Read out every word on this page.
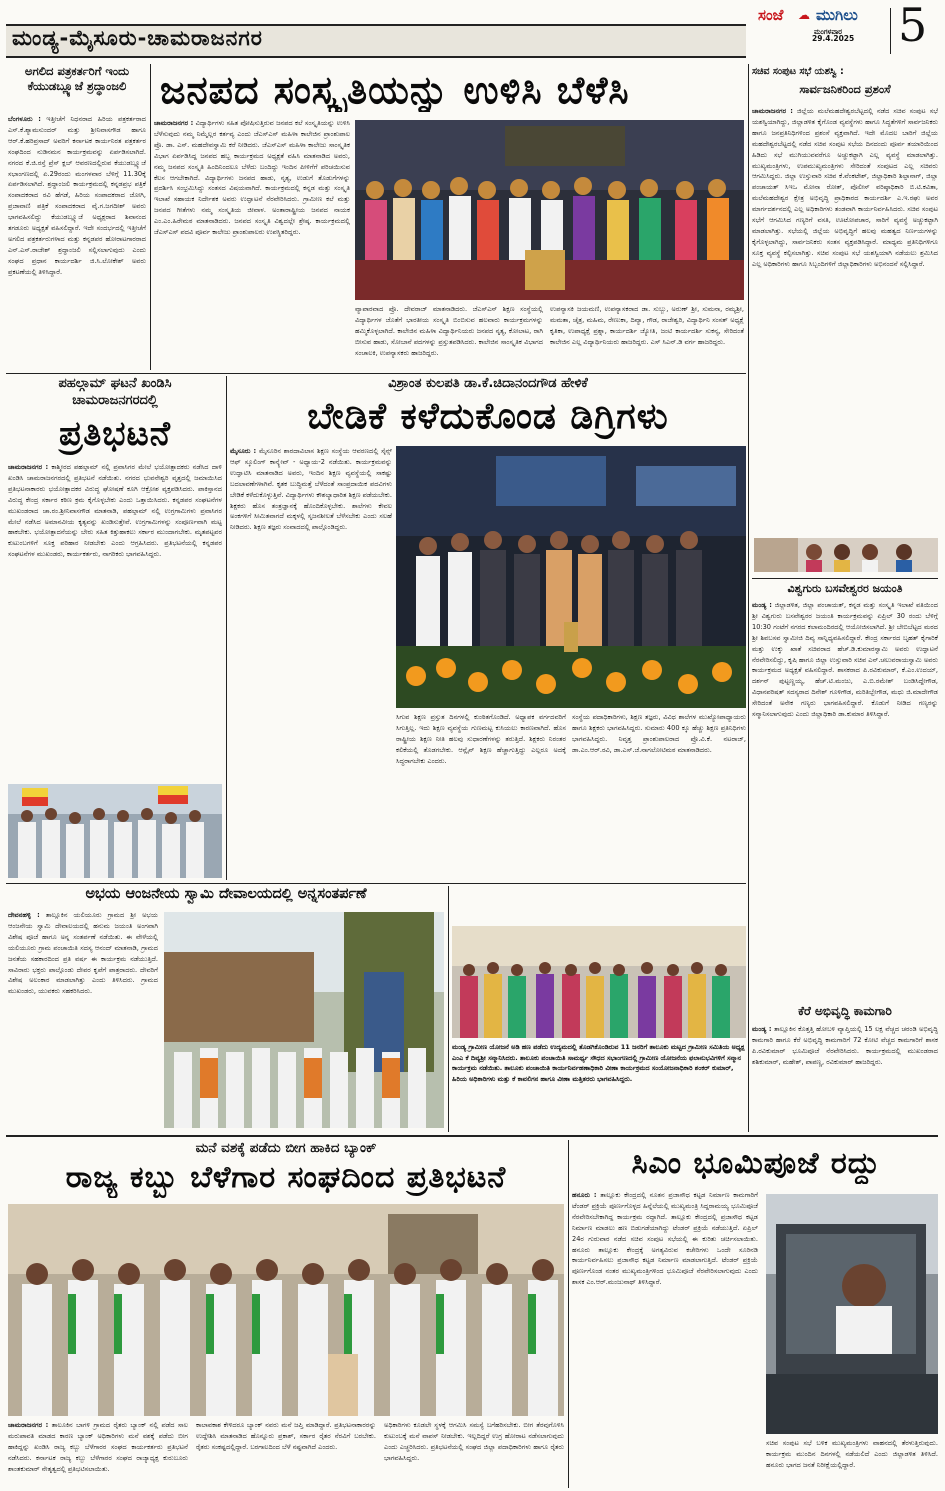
ಮಂಡ್ಯ-ಮೈಸೂರು-ಚಾಮರಾಜನಗರ
ಸಂಜೆ ☁ ಮುಗಿಲು
ಮಂಗಳವಾರ
29.4.2025 5
ಅಗಲಿದ ಪತ್ರಕರ್ತರಿಗೆ ಇಂದು ಕೆಯುಡಬ್ಲ್ಯೂಜೆ ಶ್ರದ್ಧಾಂಜಲಿ
ಬೆಂಗಳೂರು : ಇತ್ತೀಚೆಗೆ ನಿಧನರಾದ ಹಿರಿಯ ಪತ್ರಕರ್ತರಾದ ಎಸ್.ಕೆ.ಶ್ಯಾಮಸುಂದರ್ ಮತ್ತು ಶ್ರೀನಿವಾಸಗೌಡ ಹಾಗೂ ಆರ್.ಕೆ.ಹರಿಪ್ರಸಾದ್ ಅವರಿಗೆ ಕರ್ನಾಟಕ ಕಾರ್ಯನಿರತ ಪತ್ರಕರ್ತರ ಸಂಘದಿಂದ ನುಡಿನಮನ ಕಾರ್ಯಕ್ರಮವನ್ನು ಏರ್ಪಡಿಸಲಾಗಿದೆ. ನಗರದ ಕೆ.ಜಿ.ರಸ್ತೆ ಪ್ರೆಸ್ ಕ್ಲಬ್ ಆವರಣದಲ್ಲಿರುವ ಕೆಯುಡಬ್ಲ್ಯೂಜೆ ಸಭಾಂಗಣದಲ್ಲಿ ಏ.29ರಂದು ಮಂಗಳವಾರ ಬೆಳಿಗ್ಗೆ 11.30ಕ್ಕೆ ಏರ್ಪಡಿಸಲಾಗಿದೆ. ಶ್ರದ್ಧಾಂಜಲಿ ಕಾರ್ಯಕ್ರಮದಲ್ಲಿ ಕನ್ನಡಪ್ರಭ ಪತ್ರಿಕೆ ಸಂಪಾದಕರಾದ ರವಿ ಹೆಗಡೆ, ಹಿರಿಯ ಸಂಪಾದಕರಾದ ಜೋಗಿ, ಪ್ರಜಾವಾಣಿ ಪತ್ರಿಕೆ ಸಂಪಾದಕರಾದ ವೈ.ಗ.ಜಗದೀಶ್ ಅವರು ಭಾಗವಹಿಸಲಿದ್ದು ಕೆಯುಡಬ್ಲ್ಯೂಜೆ ಅಧ್ಯಕ್ಷರಾದ ಶಿವಾನಂದ ತಗಡೂರು ಅಧ್ಯಕ್ಷತೆ ವಹಿಸಲಿದ್ದಾರೆ. ಇದೇ ಸಂದರ್ಭದಲ್ಲಿ ಇತ್ತೀಚೆಗೆ ಅಗಲಿದ ಪತ್ರಕರ್ತರುಗಳಾದ ಮತ್ತು ಕನ್ನಡಪರ ಹೋರಾಟಗಾರರಾದ ಎನ್.ಎಸ್.ರಾಜೇಶ್ ಶ್ರದ್ಧಾಂಜಲಿ ಸಲ್ಲಿಸಲಾಗುವುದು ಎಂದು ಸಂಘದ ಪ್ರಧಾನ ಕಾರ್ಯದರ್ಶಿ ಜಿ.ಸಿ.ಲೋಕೇಶ್ ಅವರು ಪ್ರಕಟಣೆಯಲ್ಲಿ ತಿಳಿಸಿದ್ದಾರೆ.
ಜನಪದ ಸಂಸ್ಕೃತಿಯನ್ನು ಉಳಿಸಿ ಬೆಳೆಸಿ
ಚಾಮರಾಜನಗರ : ವಿದ್ಯಾರ್ಥಿಗಳು ಸಹಿತ ಪೋಷಿಸುತ್ತಿರುವ ಜನಪದ ಕಲೆ ಸಂಸ್ಕೃತಿಯನ್ನು ಉಳಿಸಿ ಬೆಳೆಸುವುದು ನಮ್ಮ ನಿಮ್ಮೆಲ್ಲರ ಕರ್ತವ್ಯ ಎಂದು ಜೆಎಸ್ಎಸ್ ಮಹಿಳಾ ಕಾಲೇಜಿನ ಪ್ರಾಂಶುಪಾಲ ಪ್ರೊ. ಡಾ. ಎಸ್. ಮಹದೇವಸ್ವಾಮಿ ಕರೆ ನೀಡಿದರು. ಜೆಎಸ್ಎಸ್ ಮಹಿಳಾ ಕಾಲೇಜು ಸಾಂಸ್ಕೃತಿಕ ವಿಭಾಗ ಏರ್ಪಡಿಸಿದ್ದ ಜನಪದ ಹಬ್ಬ ಕಾರ್ಯಕ್ರಮದ ಅಧ್ಯಕ್ಷತೆ ವಹಿಸಿ ಮಾತನಾಡಿದ ಅವರು, ನಮ್ಮ ಜನಪದ ಸಂಸ್ಕೃತಿ ಹಿಂದಿನಿಂದಲೂ ಬೆಳೆದು ಬಂದಿದ್ದು ಇಂದಿನ ಪೀಳಿಗೆಗೆ ಪರಿಚಯಿಸುವ ಕೆಲಸ ಆಗಬೇಕಾಗಿದೆ. ವಿದ್ಯಾರ್ಥಿಗಳು ಜನಪದ ಹಾಡು, ನೃತ್ಯ, ಉಡುಗೆ ತೊಡುಗೆಗಳನ್ನು ಪ್ರದರ್ಶಿಸಿ ಸಂಭ್ರಮಿಸಿದ್ದು ಸಂತಸದ ವಿಷಯವಾಗಿದೆ. ಕಾರ್ಯಕ್ರಮದಲ್ಲಿ ಕನ್ನಡ ಮತ್ತು ಸಂಸ್ಕೃತಿ ಇಲಾಖೆ ಸಹಾಯಕ ನಿರ್ದೇಶಕ ಅವರು ಉದ್ಘಾಟನೆ ನೆರವೇರಿಸಿದರು. ಗ್ರಾಮೀಣ ಕಲೆ ಮತ್ತು ಜನಪದ ಗೀತೆಗಳು ನಮ್ಮ ಸಂಸ್ಕೃತಿಯ ಜೀವಾಳ. ಅಂತಾರಾಷ್ಟ್ರೀಯ ಜನಪದ ನಾಯಕ ಎಂ.ಎಂ.ಹಿರೇಮಠ ಮಾತನಾಡಿದರು. ಜನಪದ ಸಂಸ್ಕೃತಿ ವಿಶ್ವದಲ್ಲೇ ಶ್ರೇಷ್ಠ. ಕಾರ್ಯಕ್ರಮದಲ್ಲಿ ಜೆಎಸ್ಎಸ್ ಪದವಿ ಪೂರ್ವ ಕಾಲೇಜು ಪ್ರಾಂಶುಪಾಲರು ಉಪಸ್ಥಿತರಿದ್ದರು.
ವ್ಯಾಪಾರವಾದ ಪ್ರೊ. ದೇವರಾಜ್ ಮಾತನಾಡಿದರು. ಜೆಎಸ್ಎಸ್ ಶಿಕ್ಷಣ ಸಂಸ್ಥೆಯಲ್ಲಿ ವಿದ್ಯಾರ್ಥಿಗಳ ಜೊತೆಗೆ ಭಾರತೀಯ ಸಂಸ್ಕೃತಿ ಬಿಂಬಿಸುವ ಹಲವಾರು ಕಾರ್ಯಕ್ರಮಗಳನ್ನು ಹಮ್ಮಿಕೊಳ್ಳಲಾಗಿದೆ. ಕಾಲೇಜಿನ ಮಹಿಳಾ ವಿದ್ಯಾರ್ಥಿನಿಯರು ಜನಪದ ನೃತ್ಯ, ಕೋಲಾಟ, ರಾಗಿ ಬೀಸುವ ಹಾಡು, ಸೋಬಾನೆ ಪದಗಳನ್ನು ಪ್ರಸ್ತುತಪಡಿಸಿದರು. ಕಾಲೇಜಿನ ಸಾಂಸ್ಕೃತಿಕ ವಿಭಾಗದ ಸಂಚಾಲಕಿ, ಉಪನ್ಯಾಸಕರು ಹಾಜರಿದ್ದರು.
ಉಪನ್ಯಾಸಕಿ ಜಯಮಣಿ, ಉಪನ್ಯಾಸಕರಾದ ಡಾ. ಸುಬ್ಬು, ಅರುಣ್ ಶ್ರೀ, ಸುಮನಾ, ರಮ್ಯಶ್ರೀ, ಮಮತಾ, ಚೈತ್ರ, ಮಹಿಮ, ರೇಣುಕಾ, ದಿವ್ಯಾ, ಗೌಡ, ರಾಜೇಶ್ವರಿ, ವಿದ್ಯಾರ್ಥಿನಿ ಸಂಸತ್ ಅಧ್ಯಕ್ಷೆ ಕೃತಿಕಾ, ಉಪಾಧ್ಯಕ್ಷೆ ಪ್ರಶ್ನಾ, ಕಾರ್ಯದರ್ಶಿ ಜ್ಯೋತಿ, ಜಂಟಿ ಕಾರ್ಯದರ್ಶಿ ಸುಕನ್ಯ, ಸೇರಿದಂತೆ ಕಾಲೇಜಿನ ಎಲ್ಲ ವಿದ್ಯಾರ್ಥಿನಿಯರು ಹಾಜರಿದ್ದರು. ಎಸ್ ಸಿಎನ್.ಡಿ ವರ್ಗ ಹಾಜರಿದ್ದರು.
ಸಚಿವ ಸಂಪುಟ ಸಭೆ ಯಶಸ್ವಿ :
ಸಾರ್ವಜನಿಕರಿಂದ ಪ್ರಶಂಸೆ
ಚಾಮರಾಜನಗರ : ಜಿಲ್ಲೆಯ ಮಲೆಮಹದೇಶ್ವರಬೆಟ್ಟದಲ್ಲಿ ನಡೆದ ಸಚಿವ ಸಂಪುಟ ಸಭೆ ಯಶಸ್ವಿಯಾಗಿದ್ದು, ಜಿಲ್ಲಾಡಳಿತ ಕೈಗೊಂಡ ವ್ಯವಸ್ಥೆಗಳು ಹಾಗೂ ಸಿದ್ಧತೆಗಳಿಗೆ ಸಾರ್ವಜನಿಕರು ಹಾಗೂ ಜನಪ್ರತಿನಿಧಿಗಳಿಂದ ಪ್ರಶಂಸೆ ವ್ಯಕ್ತವಾಗಿದೆ. ಇದೇ ಮೊದಲ ಬಾರಿಗೆ ಜಿಲ್ಲೆಯ ಮಹದೇಶ್ವರಬೆಟ್ಟದಲ್ಲಿ ನಡೆದ ಸಚಿವ ಸಂಪುಟ ಸಭೆಯ ದಿನದಂದು ಪೂರ್ವ ತಯಾರಿಯಿಂದ ಹಿಡಿದು ಸಭೆ ಮುಗಿಯುವವರೆಗೂ ಅಚ್ಚುಕಟ್ಟಾಗಿ ಎಲ್ಲ ವ್ಯವಸ್ಥೆ ಮಾಡಲಾಗಿತ್ತು. ಮುಖ್ಯಮಂತ್ರಿಗಳು, ಉಪಮುಖ್ಯಮಂತ್ರಿಗಳು ಸೇರಿದಂತೆ ಸಂಪುಟದ ಎಲ್ಲ ಸಚಿವರು ಆಗಮಿಸಿದ್ದರು. ಜಿಲ್ಲಾ ಉಸ್ತುವಾರಿ ಸಚಿವ ಕೆ.ವೆಂಕಟೇಶ್, ಜಿಲ್ಲಾಧಿಕಾರಿ ಶಿಲ್ಪಾನಾಗ್, ಜಿಲ್ಲಾ ಪಂಚಾಯತ್ ಸಿಇಒ ಮೋನಾ ರೋತ್, ಪೊಲೀಸ್ ವರಿಷ್ಠಾಧಿಕಾರಿ ಬಿ.ಟಿ.ಕವಿತಾ, ಮಲೆಮಹದೇಶ್ವರ ಕ್ಷೇತ್ರ ಅಭಿವೃದ್ಧಿ ಪ್ರಾಧಿಕಾರದ ಕಾರ್ಯದರ್ಶಿ ಎ.ಇ.ರಘು ಅವರ ಮಾರ್ಗದರ್ಶನದಲ್ಲಿ ಎಲ್ಲ ಅಧಿಕಾರಿಗಳು ತಂಡವಾಗಿ ಕಾರ್ಯನಿರ್ವಹಿಸಿದರು. ಸಚಿವ ಸಂಪುಟ ಸಭೆಗೆ ಆಗಮಿಸಿದ ಗಣ್ಯರಿಗೆ ವಸತಿ, ಊಟೋಪಚಾರ, ಸಾರಿಗೆ ವ್ಯವಸ್ಥೆ ಅಚ್ಚುಕಟ್ಟಾಗಿ ಮಾಡಲಾಗಿತ್ತು. ಸಭೆಯಲ್ಲಿ ಜಿಲ್ಲೆಯ ಅಭಿವೃದ್ಧಿಗೆ ಹಲವು ಮಹತ್ವದ ನಿರ್ಣಯಗಳನ್ನು ಕೈಗೊಳ್ಳಲಾಗಿದ್ದು, ಸಾರ್ವಜನಿಕರು ಸಂತಸ ವ್ಯಕ್ತಪಡಿಸಿದ್ದಾರೆ. ಮಾಧ್ಯಮ ಪ್ರತಿನಿಧಿಗಳಿಗೂ ಸೂಕ್ತ ವ್ಯವಸ್ಥೆ ಕಲ್ಪಿಸಲಾಗಿತ್ತು. ಸಚಿವ ಸಂಪುಟ ಸಭೆ ಯಶಸ್ವಿಯಾಗಿ ನಡೆಯಲು ಶ್ರಮಿಸಿದ ಎಲ್ಲ ಅಧಿಕಾರಿಗಳು ಹಾಗೂ ಸಿಬ್ಬಂದಿಗಳಿಗೆ ಜಿಲ್ಲಾಧಿಕಾರಿಗಳು ಅಭಿನಂದನೆ ಸಲ್ಲಿಸಿದ್ದಾರೆ.
ಪಹಲ್ಗಾಮ್ ಘಟನೆ ಖಂಡಿಸಿ
ಚಾಮರಾಜನಗರದಲ್ಲಿ
ಪ್ರತಿಭಟನೆ
ಚಾಮರಾಜನಗರ : ಕಾಶ್ಮೀರದ ಪಹಲ್ಗಾಮ್ ನಲ್ಲಿ ಪ್ರವಾಸಿಗರ ಮೇಲೆ ಭಯೋತ್ಪಾದಕರು ನಡೆಸಿದ ದಾಳಿ ಖಂಡಿಸಿ ಚಾಮರಾಜನಗರದಲ್ಲಿ ಪ್ರತಿಭಟನೆ ನಡೆಯಿತು. ನಗರದ ಭುವನೇಶ್ವರಿ ವೃತ್ತದಲ್ಲಿ ಜಮಾಯಿಸಿದ ಪ್ರತಿಭಟನಾಕಾರರು ಭಯೋತ್ಪಾದಕರ ವಿರುದ್ಧ ಘೋಷಣೆ ಕೂಗಿ ಆಕ್ರೋಶ ವ್ಯಕ್ತಪಡಿಸಿದರು. ಪಾಕಿಸ್ತಾನದ ವಿರುದ್ಧ ಕೇಂದ್ರ ಸರ್ಕಾರ ಕಠಿಣ ಕ್ರಮ ಕೈಗೊಳ್ಳಬೇಕು ಎಂದು ಒತ್ತಾಯಿಸಿದರು. ಕನ್ನಡಪರ ಸಂಘಟನೆಗಳ ಮುಖಂಡರಾದ ಚಾ.ರಂ.ಶ್ರೀನಿವಾಸಗೌಡ ಮಾತನಾಡಿ, ಪಹಲ್ಗಾಮ್ ನಲ್ಲಿ ಉಗ್ರಗಾಮಿಗಳು ಪ್ರವಾಸಿಗರ ಮೇಲೆ ನಡೆಸಿದ ಅಮಾನವೀಯ ಕೃತ್ಯವನ್ನು ಖಂಡಿಸುತ್ತೇವೆ. ಉಗ್ರಗಾಮಿಗಳನ್ನು ಸಂಪೂರ್ಣವಾಗಿ ಮಟ್ಟ ಹಾಕಬೇಕು. ಭಯೋತ್ಪಾದನೆಯನ್ನು ಬೇರು ಸಹಿತ ಕಿತ್ತುಹಾಕಲು ಸರ್ಕಾರ ಮುಂದಾಗಬೇಕು. ಮೃತಪಟ್ಟವರ ಕುಟುಂಬಗಳಿಗೆ ಸೂಕ್ತ ಪರಿಹಾರ ನೀಡಬೇಕು ಎಂದು ಆಗ್ರಹಿಸಿದರು. ಪ್ರತಿಭಟನೆಯಲ್ಲಿ ಕನ್ನಡಪರ ಸಂಘಟನೆಗಳ ಮುಖಂಡರು, ಕಾರ್ಯಕರ್ತರು, ನಾಗರಿಕರು ಭಾಗವಹಿಸಿದ್ದರು.
ವಿಶ್ರಾಂತ ಕುಲಪತಿ ಡಾ.ಕೆ.ಚಿದಾನಂದಗೌಡ ಹೇಳಿಕೆ
ಬೇಡಿಕೆ ಕಳೆದುಕೊಂಡ ಡಿಗ್ರಿಗಳು
ಮೈಸೂರು : ಮೈಸೂರಿನ ಶಾರದಾವಿಲಾಸ ಶಿಕ್ಷಣ ಸಂಸ್ಥೆಯ ಆವರಣದಲ್ಲಿ ಸೈನ್ಸ್ ಆಫ್ ಸ್ಕೂಲಿಂಗ್ ಕಾನ್ಕ್ಲೇವ್ - ಅಧ್ಯಾಯ-2 ನಡೆಯಿತು. ಕಾರ್ಯಕ್ರಮವನ್ನು ಉದ್ಘಾಟಿಸಿ ಮಾತನಾಡಿದ ಅವರು, ಇಂದಿನ ಶಿಕ್ಷಣ ವ್ಯವಸ್ಥೆಯಲ್ಲಿ ಸಾಕಷ್ಟು ಬದಲಾವಣೆಗಳಾಗಿವೆ. ಕೃತಕ ಬುದ್ಧಿಮತ್ತೆ ಬೆಳೆದಂತೆ ಸಾಂಪ್ರದಾಯಿಕ ಪದವಿಗಳು ಬೇಡಿಕೆ ಕಳೆದುಕೊಳ್ಳುತ್ತಿವೆ. ವಿದ್ಯಾರ್ಥಿಗಳು ಕೌಶಲ್ಯಾಧಾರಿತ ಶಿಕ್ಷಣ ಪಡೆಯಬೇಕು. ಶಿಕ್ಷಕರು ಹೊಸ ತಂತ್ರಜ್ಞಾನಕ್ಕೆ ಹೊಂದಿಕೊಳ್ಳಬೇಕು. ಶಾಲೆಗಳು ಕೇವಲ ಅಂಕಗಳಿಗೆ ಸೀಮಿತವಾಗದೆ ಮಕ್ಕಳಲ್ಲಿ ಸೃಜನಶೀಲತೆ ಬೆಳೆಸಬೇಕು ಎಂದು ಸಲಹೆ ನೀಡಿದರು. ಶಿಕ್ಷಣ ತಜ್ಞರು ಸಂವಾದದಲ್ಲಿ ಪಾಲ್ಗೊಂಡಿದ್ದರು.
ಸಿಗುವ ಶಿಕ್ಷಣ ಪ್ರಸ್ತುತ ದಿನಗಳಲ್ಲಿ ಕುಂಠಿತಗೊಂಡಿದೆ. ಅಧ್ಯಾಪಕ ವರ್ಗದವರಿಗೆ ಸಿಗುತ್ತಿಲ್ಲ. ಇದು ಶಿಕ್ಷಣ ವ್ಯವಸ್ಥೆಯ ಗುಣಮಟ್ಟ ಕುಸಿಯಲು ಕಾರಣವಾಗಿದೆ. ಹೊಸ ರಾಷ್ಟ್ರೀಯ ಶಿಕ್ಷಣ ನೀತಿ ಹಲವು ಸುಧಾರಣೆಗಳನ್ನು ತರುತ್ತಿದೆ. ಶಿಕ್ಷಕರು ನಿರಂತರ ಕಲಿಕೆಯಲ್ಲಿ ತೊಡಗಬೇಕು. ಆನ್ಲೈನ್ ಶಿಕ್ಷಣ ಹೆಚ್ಚಾಗುತ್ತಿದ್ದು ಎಲ್ಲರೂ ಅದಕ್ಕೆ ಸಿದ್ಧರಾಗಬೇಕು ಎಂದರು.
ಸಂಸ್ಥೆಯ ಪದಾಧಿಕಾರಿಗಳು, ಶಿಕ್ಷಣ ತಜ್ಞರು, ವಿವಿಧ ಶಾಲೆಗಳ ಮುಖ್ಯೋಪಾಧ್ಯಾಯರು ಹಾಗೂ ಶಿಕ್ಷಕರು ಭಾಗವಹಿಸಿದ್ದರು. ಸುಮಾರು 400 ಕ್ಕೂ ಹೆಚ್ಚು ಶಿಕ್ಷಣ ಪ್ರತಿನಿಧಿಗಳು ಭಾಗವಹಿಸಿದ್ದರು. ನಿವೃತ್ತ ಪ್ರಾಂಶುಪಾಲರಾದ ಪ್ರೊ.ವಿ.ಕೆ. ನಟರಾಜ್, ಡಾ.ಎಂ.ಆರ್.ರವಿ, ಡಾ.ಎಸ್.ಜೆ.ನಾಗಲೋಟಿಮಠ ಮಾತನಾಡಿದರು.
ವಿಶ್ವಗುರು ಬಸವೇಶ್ವರರ ಜಯಂತಿ
ಮಂಡ್ಯ : ಜಿಲ್ಲಾಡಳಿತ, ಜಿಲ್ಲಾ ಪಂಚಾಯತ್, ಕನ್ನಡ ಮತ್ತು ಸಂಸ್ಕೃತಿ ಇಲಾಖೆ ವತಿಯಿಂದ ಶ್ರೀ ವಿಶ್ವಗುರು ಬಸವೇಶ್ವರರ ಜಯಂತಿ ಕಾರ್ಯಕ್ರಮವನ್ನು ಏಪ್ರಿಲ್ 30 ರಂದು ಬೆಳಿಗ್ಗೆ 10:30 ಗಂಟೆಗೆ ನಗರದ ಕಲಾಮಂದಿರದಲ್ಲಿ ಆಯೋಜಿಸಲಾಗಿದೆ. ಶ್ರೀ ಬೇಬಿಬೆಟ್ಟದ ಮಠದ ಶ್ರೀ ಶಿವಬಸವ ಸ್ವಾಮೀಜಿ ದಿವ್ಯ ಸಾನ್ನಿಧ್ಯವಹಿಸಲಿದ್ದಾರೆ. ಕೇಂದ್ರ ಸರ್ಕಾರದ ಬೃಹತ್ ಕೈಗಾರಿಕೆ ಮತ್ತು ಉಕ್ಕು ಖಾತೆ ಸಚಿವರಾದ ಹೆಚ್.ಡಿ.ಕುಮಾರಸ್ವಾಮಿ ಅವರು ಉದ್ಘಾಟನೆ ನೆರವೇರಿಸಲಿದ್ದು, ಕೃಷಿ ಹಾಗೂ ಜಿಲ್ಲಾ ಉಸ್ತುವಾರಿ ಸಚಿವ ಎನ್.ಚಲುವರಾಯಸ್ವಾಮಿ ಅವರು ಕಾರ್ಯಕ್ರಮದ ಅಧ್ಯಕ್ಷತೆ ವಹಿಸಲಿದ್ದಾರೆ. ಶಾಸಕರಾದ ಪಿ.ರವಿಕುಮಾರ್, ಕೆ.ಎಂ.ಉದಯ್, ದರ್ಶನ್ ಪುಟ್ಟಣ್ಣಯ್ಯ, ಹೆಚ್.ಟಿ.ಮಂಜು, ಎ.ಬಿ.ರಮೇಶ್ ಬಂಡಿಸಿದ್ದೇಗೌಡ, ವಿಧಾನಪರಿಷತ್ ಸದಸ್ಯರಾದ ದಿನೇಶ್ ಗೂಳಿಗೌಡ, ಮರಿತಿಬ್ಬೇಗೌಡ, ಮಧು ಜಿ.ಮಾದೇಗೌಡ ಸೇರಿದಂತೆ ಅನೇಕ ಗಣ್ಯರು ಭಾಗವಹಿಸಲಿದ್ದಾರೆ. ಕೊಡುಗೆ ನೀಡಿದ ಗಣ್ಯರನ್ನು ಸನ್ಮಾನಿಸಲಾಗುವುದು ಎಂದು ಜಿಲ್ಲಾಧಿಕಾರಿ ಡಾ.ಕುಮಾರ ತಿಳಿಸಿದ್ದಾರೆ.
ಕೆರೆ ಅಭಿವೃದ್ಧಿ ಕಾಮಗಾರಿ
ಮಂಡ್ಯ : ತಾಲ್ಲೂಕಿನ ಕೊತ್ತತ್ತಿ ಹೋಬಳಿ ವ್ಯಾಪ್ತಿಯಲ್ಲಿ 15 ಲಕ್ಷ ವೆಚ್ಚದ ಚರಂಡಿ ಅಭಿವೃದ್ಧಿ ಕಾಮಗಾರಿ ಹಾಗೂ ಕೆರೆ ಅಭಿವೃದ್ಧಿ ಕಾಮಗಾರಿಗೆ 72 ಕೋಟಿ ವೆಚ್ಚದ ಕಾಮಗಾರಿಗೆ ಶಾಸಕ ಪಿ.ರವಿಕುಮಾರ್ ಭೂಮಿಪೂಜೆ ನೆರವೇರಿಸಿದರು. ಕಾರ್ಯಕ್ರಮದಲ್ಲಿ ಮುಖಂಡರಾದ ಶಶಿಕುಮಾರ್, ಮಹೇಶ್, ಪಾಪಣ್ಣ, ರವಿಕುಮಾರ್ ಹಾಜರಿದ್ದರು.
ಅಭಯ ಆಂಜನೇಯ ಸ್ವಾಮಿ ದೇವಾಲಯದಲ್ಲಿ ಅನ್ನಸಂತರ್ಪಣೆ
ದೇವನಹಳ್ಳಿ : ತಾಲ್ಲೂಕಿನ ಯಲಿಯೂರು ಗ್ರಾಮದ ಶ್ರೀ ಅಭಯ ಆಂಜನೇಯ ಸ್ವಾಮಿ ದೇವಾಲಯದಲ್ಲಿ ಹನುಮ ಜಯಂತಿ ಅಂಗವಾಗಿ ವಿಶೇಷ ಪೂಜೆ ಹಾಗೂ ಅನ್ನ ಸಂತರ್ಪಣೆ ನಡೆಯಿತು. ಈ ವೇಳೆಯಲ್ಲಿ ಯಲಿಯೂರು ಗ್ರಾಮ ಪಂಚಾಯಿತಿ ಸದಸ್ಯ ಆನಂದ್ ಮಾತನಾಡಿ, ಗ್ರಾಮದ ಜನತೆಯ ಸಹಕಾರದಿಂದ ಪ್ರತಿ ವರ್ಷ ಈ ಕಾರ್ಯಕ್ರಮ ನಡೆಯುತ್ತಿದೆ. ಸಾವಿರಾರು ಭಕ್ತರು ಪಾಲ್ಗೊಂಡು ದೇವರ ಕೃಪೆಗೆ ಪಾತ್ರರಾದರು. ದೇವರಿಗೆ ವಿಶೇಷ ಅಲಂಕಾರ ಮಾಡಲಾಗಿತ್ತು ಎಂದು ತಿಳಿಸಿದರು. ಗ್ರಾಮದ ಮುಖಂಡರು, ಯುವಕರು ಸಹಕರಿಸಿದರು.
ಮಂಡ್ಯ ಗ್ರಾಮೀಣ ಯೋಜನೆ ಅಡಿ ಹಣ ಪಡೆದು ಉದ್ಯಮದಲ್ಲಿ ತೊಡಗಿಕೊಂಡಿರುವ 11 ಜನರಿಗೆ ತಾಲೂಕು ಮಟ್ಟದ ಗ್ರಾಮೀಣ ಸಮಿತಿಯ ಅಧ್ಯಕ್ಷ ಎಂಎ ಕೆ ದಿವ್ಯಶ್ರೀ ಸನ್ಮಾನಿಸಿದರು. ತಾಲೂಕು ಪಂಚಾಯಿತಿ ಸಾಮರ್ಥ್ಯ ಸೌಧದ ಸಭಾಂಗಣದಲ್ಲಿ ಗ್ರಾಮೀಣ ಯೋಜನೆಯ ಫಲಾನುಭವಿಗಳಿಗೆ ಸನ್ಮಾನ ಕಾರ್ಯಕ್ರಮ ನಡೆಯಿತು. ತಾಲೂಕು ಪಂಚಾಯಿತಿ ಕಾರ್ಯನಿರ್ವಹಣಾಧಿಕಾರಿ ವೀಣಾ ಕಾರ್ಯಕ್ರಮದ ಸಂಯೋಜನಾಧಿಕಾರಿ ಶಂಕರ್ ಕುಮಾರ್, ಹಿರಿಯ ಅಧಿಕಾರಿಗಳು ಮತ್ತು ಕೆ ಕಾವಲಿಗನ ಹಾಗೂ ವೀಣಾ ಮತ್ತಿತರರು ಭಾಗವಹಿಸಿದ್ದರು.
ಮನೆ ವಶಕ್ಕೆ ಪಡೆದು ಬೀಗ ಹಾಕಿದ ಬ್ಯಾಂಕ್
ರಾಜ್ಯ ಕಬ್ಬು ಬೆಳೆಗಾರ ಸಂಘದಿಂದ ಪ್ರತಿಭಟನೆ
ಚಾಮರಾಜನಗರ : ತಾಲೂಕಿನ ಬಾಗಳಿ ಗ್ರಾಮದ ರೈತರು ಬ್ಯಾಂಕ್ ನಲ್ಲಿ ಪಡೆದ ಸಾಲ ಮರುಪಾವತಿ ಮಾಡದ ಕಾರಣ ಬ್ಯಾಂಕ್ ಅಧಿಕಾರಿಗಳು ಮನೆ ವಶಕ್ಕೆ ಪಡೆದು ಬೀಗ ಹಾಕಿದ್ದನ್ನು ಖಂಡಿಸಿ ರಾಜ್ಯ ಕಬ್ಬು ಬೆಳೆಗಾರರ ಸಂಘದ ಕಾರ್ಯಕರ್ತರು ಪ್ರತಿಭಟನೆ ನಡೆಸಿದರು. ಕರ್ನಾಟಕ ರಾಜ್ಯ ಕಬ್ಬು ಬೆಳೆಗಾರರ ಸಂಘದ ರಾಜ್ಯಾಧ್ಯಕ್ಷ ಕುರುಬೂರು ಶಾಂತಕುಮಾರ್ ನೇತೃತ್ವದಲ್ಲಿ ಪ್ರತಿಭಟಿಸಲಾಯಿತು.
ಕಾಲಾವಕಾಶ ಕೇಳಿದರೂ ಬ್ಯಾಂಕ್ ನವರು ಮನೆ ಜಪ್ತಿ ಮಾಡಿದ್ದಾರೆ. ಪ್ರತಿಭಟನಾಕಾರರನ್ನು ಉದ್ದೇಶಿಸಿ ಮಾತನಾಡಿದ ಹೊನ್ನೂರು ಪ್ರಕಾಶ್, ಸರ್ಕಾರ ರೈತರ ನೆರವಿಗೆ ಬರಬೇಕು. ರೈತರು ಸಂಕಷ್ಟದಲ್ಲಿದ್ದಾರೆ. ಬರಗಾಲದಿಂದ ಬೆಳೆ ನಷ್ಟವಾಗಿದೆ ಎಂದರು.
ಅಧಿಕಾರಿಗಳು ಕೂಡಲೇ ಸ್ಥಳಕ್ಕೆ ಆಗಮಿಸಿ ಸಮಸ್ಯೆ ಬಗೆಹರಿಸಬೇಕು. ಬೀಗ ತೆರವುಗೊಳಿಸಿ ಕುಟುಂಬಕ್ಕೆ ಮನೆ ವಾಪಸ್ ನೀಡಬೇಕು. ಇಲ್ಲದಿದ್ದರೆ ಉಗ್ರ ಹೋರಾಟ ನಡೆಸಲಾಗುವುದು ಎಂದು ಎಚ್ಚರಿಸಿದರು. ಪ್ರತಿಭಟನೆಯಲ್ಲಿ ಸಂಘದ ಜಿಲ್ಲಾ ಪದಾಧಿಕಾರಿಗಳು ಹಾಗೂ ರೈತರು ಭಾಗವಹಿಸಿದ್ದರು.
ಸಿಎಂ ಭೂಮಿಪೂಜೆ ರದ್ದು
ಹನೂರು : ತಾಲ್ಲೂಕು ಕೇಂದ್ರದಲ್ಲಿ ನೂತನ ಪ್ರಜಾಸೌಧ ಕಟ್ಟಡ ನಿರ್ಮಾಣ ಕಾಮಗಾರಿಗೆ ಟೆಂಡರ್ ಪ್ರಕ್ರಿಯೆ ಪೂರ್ಣಗೊಳ್ಳದ ಹಿನ್ನೆಲೆಯಲ್ಲಿ ಮುಖ್ಯಮಂತ್ರಿ ಸಿದ್ದರಾಮಯ್ಯ ಭೂಮಿಪೂಜೆ ನೆರವೇರಿಸಬೇಕಾಗಿದ್ದ ಕಾರ್ಯಕ್ರಮ ರದ್ದಾಗಿದೆ. ತಾಲ್ಲೂಕು ಕೇಂದ್ರದಲ್ಲಿ ಪ್ರಜಾಸೌಧ ಕಟ್ಟಡ ನಿರ್ಮಾಣ ಮಾಡಲು ಹಣ ಬಿಡುಗಡೆಯಾಗಿದ್ದು ಟೆಂಡರ್ ಪ್ರಕ್ರಿಯೆ ನಡೆಯುತ್ತಿದೆ. ಏಪ್ರಿಲ್ 24ರ ಗುರುವಾರ ನಡೆದ ಸಚಿವ ಸಂಪುಟ ಸಭೆಯಲ್ಲಿ ಈ ಕುರಿತು ಚರ್ಚಿಸಲಾಯಿತು. ಹನೂರು ತಾಲ್ಲೂಕು ಕೇಂದ್ರಕ್ಕೆ ಅಗತ್ಯವಿರುವ ಕಚೇರಿಗಳು ಒಂದೇ ಸೂರಿನಡಿ ಕಾರ್ಯನಿರ್ವಹಿಸಲು ಪ್ರಜಾಸೌಧ ಕಟ್ಟಡ ನಿರ್ಮಾಣ ಮಾಡಲಾಗುತ್ತಿದೆ. ಟೆಂಡರ್ ಪ್ರಕ್ರಿಯೆ ಪೂರ್ಣಗೊಂಡ ನಂತರ ಮುಖ್ಯಮಂತ್ರಿಗಳಿಂದ ಭೂಮಿಪೂಜೆ ನೆರವೇರಿಸಲಾಗುವುದು ಎಂದು ಶಾಸಕ ಎಂ.ಆರ್.ಮಂಜುನಾಥ್ ತಿಳಿಸಿದ್ದಾರೆ.
ಸಚಿವ ಸಂಪುಟ ಸಭೆ ಬಳಿಕ ಮುಖ್ಯಮಂತ್ರಿಗಳು ವಾಹನದಲ್ಲಿ ತೆರಳುತ್ತಿರುವುದು. ಕಾರ್ಯಕ್ರಮ ಮುಂದಿನ ದಿನಗಳಲ್ಲಿ ನಡೆಯಲಿದೆ ಎಂದು ಜಿಲ್ಲಾಡಳಿತ ತಿಳಿಸಿದೆ. ಹನೂರು ಭಾಗದ ಜನತೆ ನಿರೀಕ್ಷೆಯಲ್ಲಿದ್ದಾರೆ.
